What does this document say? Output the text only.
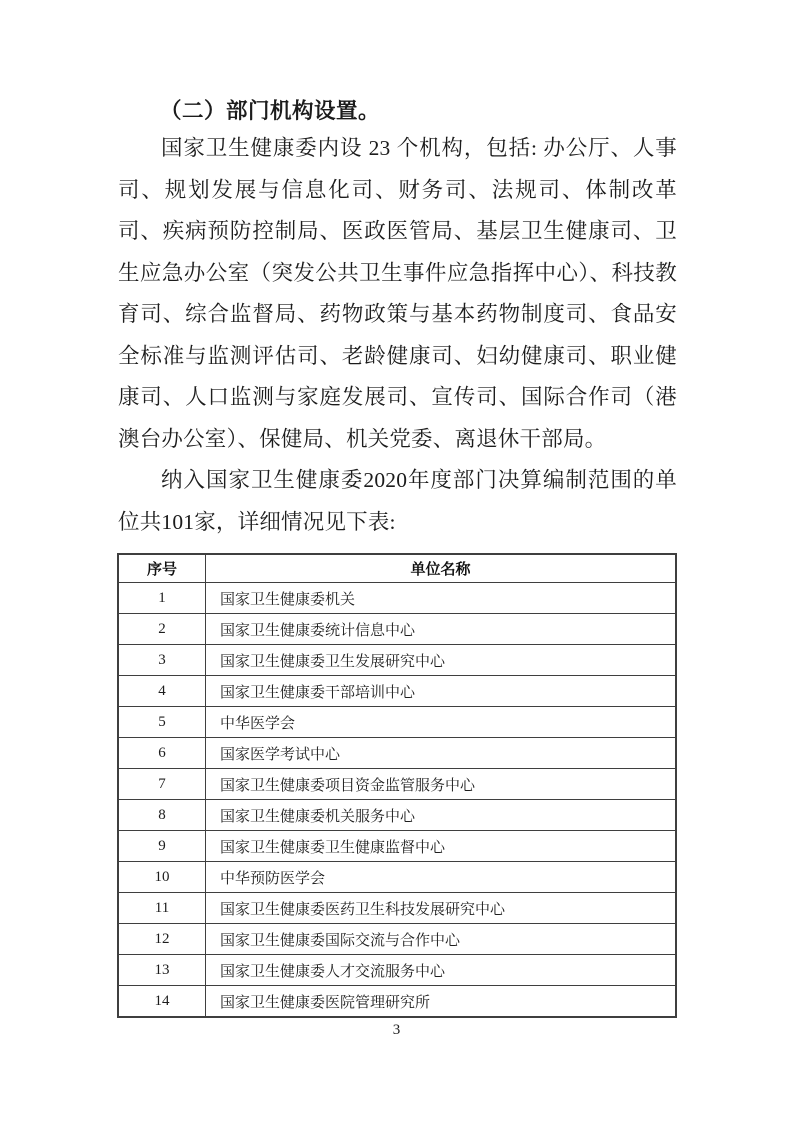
（二）部门机构设置。

国家卫生健康委内设 23 个机构，包括: 办公厅、人事司、规划发展与信息化司、财务司、法规司、体制改革司、疾病预防控制局、医政医管局、基层卫生健康司、卫生应急办公室（突发公共卫生事件应急指挥中心）、科技教育司、综合监督局、药物政策与基本药物制度司、食品安全标准与监测评估司、老龄健康司、妇幼健康司、职业健康司、人口监测与家庭发展司、宣传司、国际合作司（港澳台办公室）、保健局、机关党委、离退休干部局。

纳入国家卫生健康委2020年度部门决算编制范围的单位共101家，详细情况见下表:

序号	单位名称
1	国家卫生健康委机关
2	国家卫生健康委统计信息中心
3	国家卫生健康委卫生发展研究中心
4	国家卫生健康委干部培训中心
5	中华医学会
6	国家医学考试中心
7	国家卫生健康委项目资金监管服务中心
8	国家卫生健康委机关服务中心
9	国家卫生健康委卫生健康监督中心
10	中华预防医学会
11	国家卫生健康委医药卫生科技发展研究中心
12	国家卫生健康委国际交流与合作中心
13	国家卫生健康委人才交流服务中心
14	国家卫生健康委医院管理研究所
3
